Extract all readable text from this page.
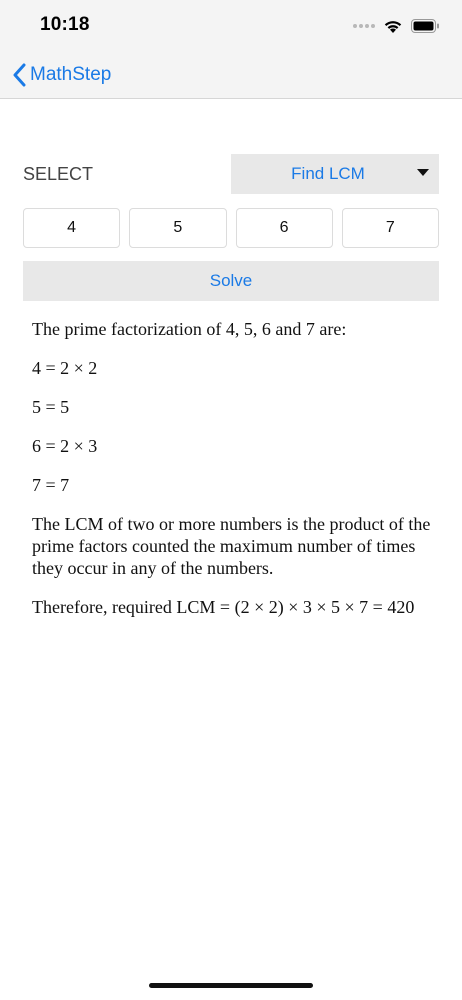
10:18
MathStep
SELECT	Find LCM
4	5	6	7
Solve

The prime factorization of 4, 5, 6 and 7 are:

4 = 2 × 2

5 = 5

6 = 2 × 3

7 = 7

The LCM of two or more numbers is the product of the prime factors counted the maximum number of times they occur in any of the numbers.

Therefore, required LCM = (2 × 2) × 3 × 5 × 7 = 420
